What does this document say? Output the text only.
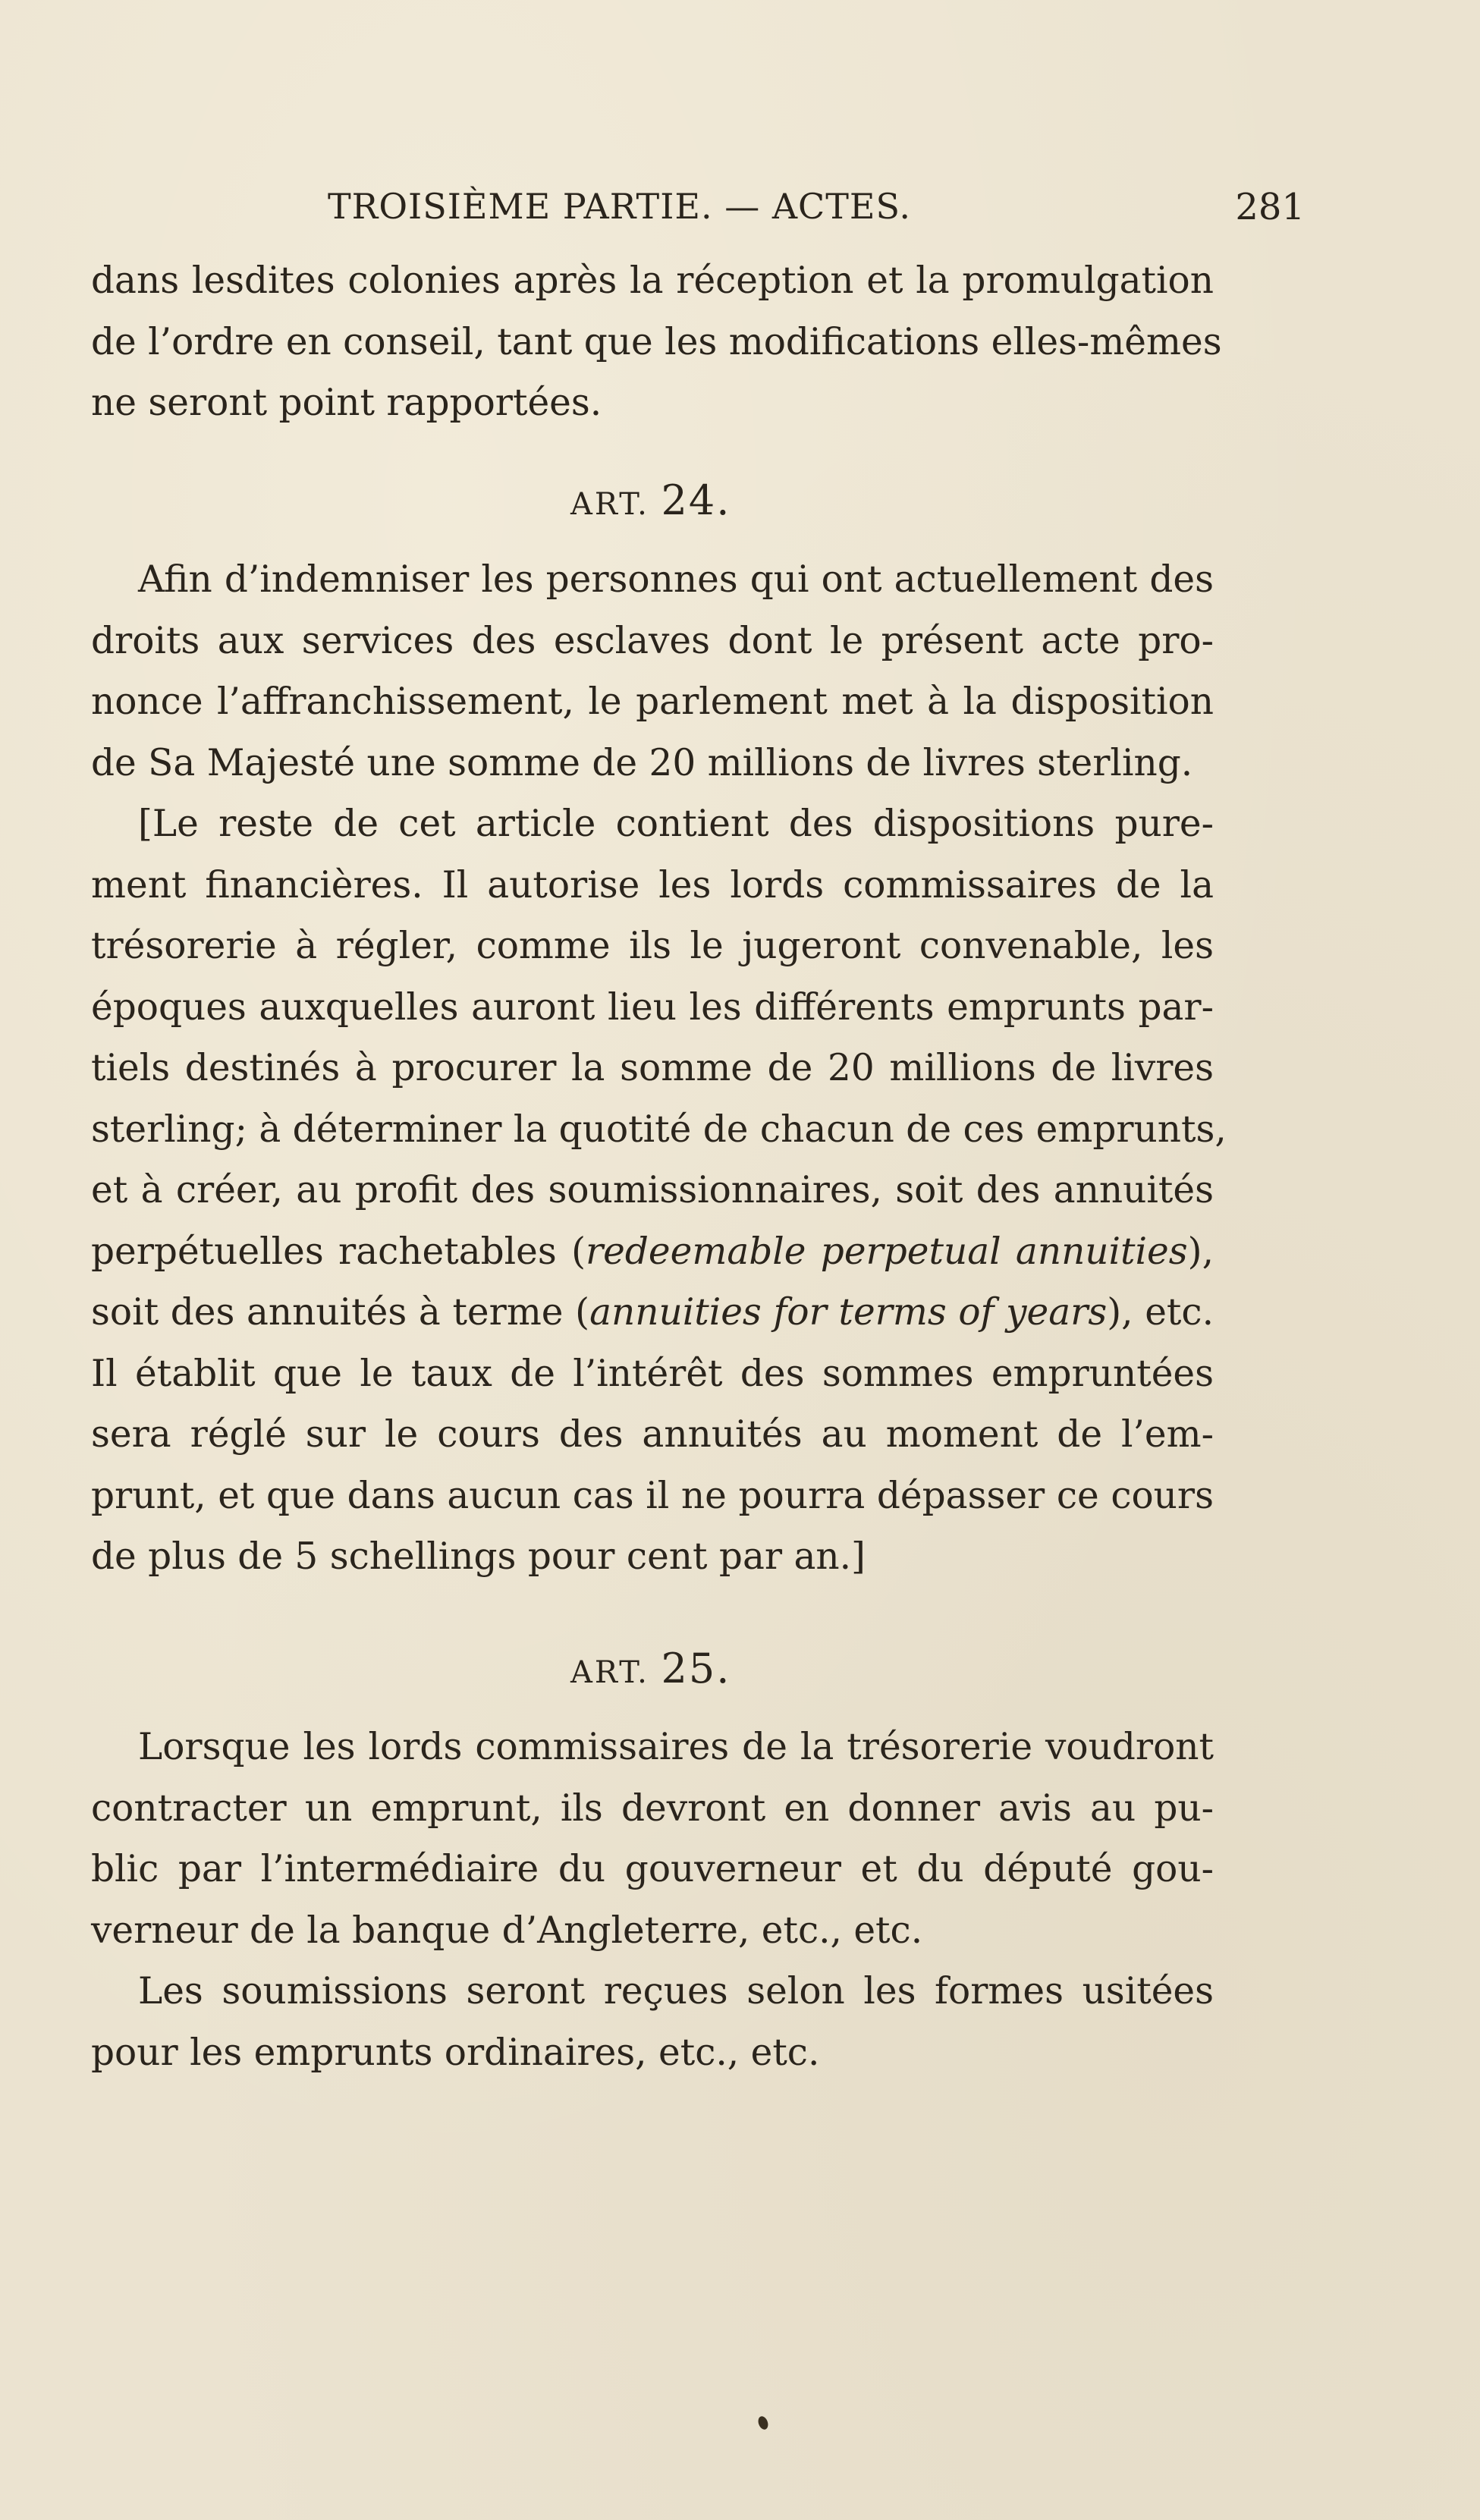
TROISIÈME PARTIE. — ACTES.	281
dans lesdites colonies après la réception et la promulgation
de l’ordre en conseil, tant que les modifications elles-mêmes
ne seront point rapportées.
ART. 24.
Afin d’indemniser les personnes qui ont actuellement des
droits aux services des esclaves dont le présent acte pro-
nonce l’affranchissement, le parlement met à la disposition
de Sa Majesté une somme de 20 millions de livres sterling.
[Le reste de cet article contient des dispositions pure-
ment financières. Il autorise les lords commissaires de la
trésorerie à régler, comme ils le jugeront convenable, les
époques auxquelles auront lieu les différents emprunts par-
tiels destinés à procurer la somme de 20 millions de livres
sterling; à déterminer la quotité de chacun de ces emprunts,
et à créer, au profit des soumissionnaires, soit des annuités
perpétuelles rachetables (redeemable perpetual annuities),
soit des annuités à terme (annuities for terms of years), etc.
Il établit que le taux de l’intérêt des sommes empruntées
sera réglé sur le cours des annuités au moment de l’em-
prunt, et que dans aucun cas il ne pourra dépasser ce cours
de plus de 5 schellings pour cent par an.]
ART. 25.
Lorsque les lords commissaires de la trésorerie voudront
contracter un emprunt, ils devront en donner avis au pu-
blic par l’intermédiaire du gouverneur et du député gou-
verneur de la banque d’Angleterre, etc., etc.
Les soumissions seront reçues selon les formes usitées
pour les emprunts ordinaires, etc., etc.
